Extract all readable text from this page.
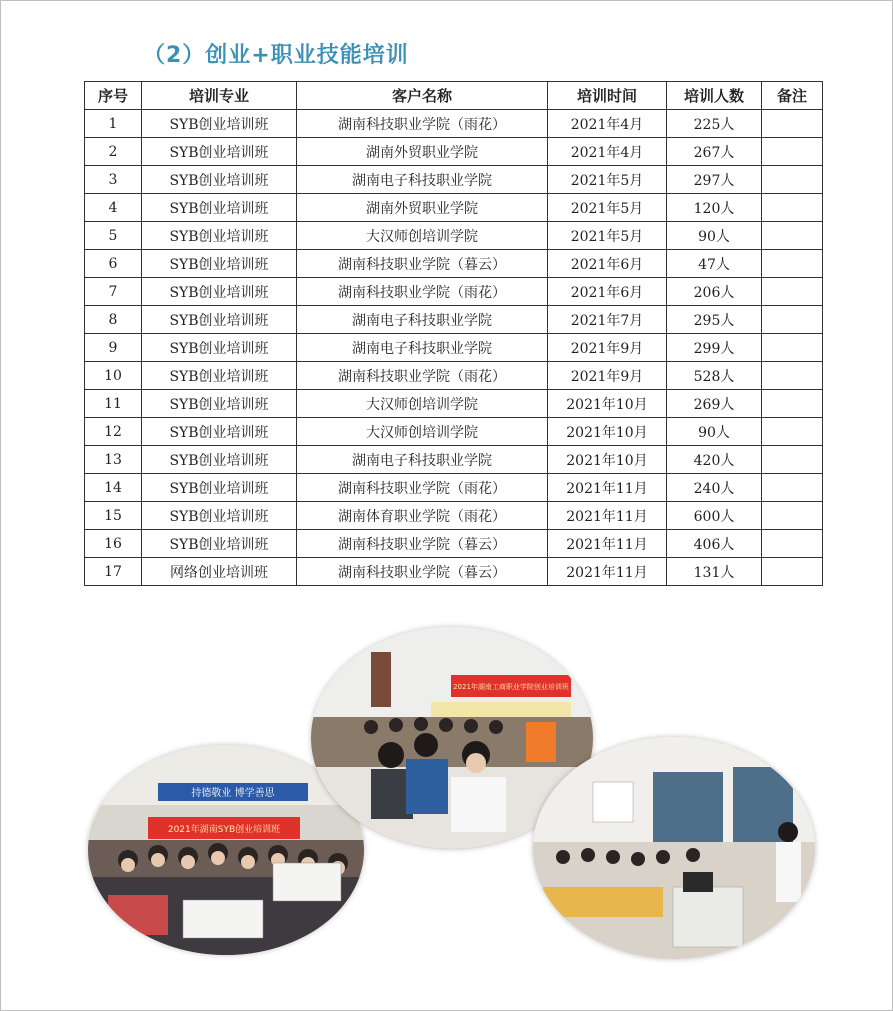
（2）创业+职业技能培训
序号	培训专业	客户名称	培训时间	培训人数	备注
1	SYB创业培训班	湖南科技职业学院（雨花）	2021年4月	225人	
2	SYB创业培训班	湖南外贸职业学院	2021年4月	267人	
3	SYB创业培训班	湖南电子科技职业学院	2021年5月	297人	
4	SYB创业培训班	湖南外贸职业学院	2021年5月	120人	
5	SYB创业培训班	大汉师创培训学院	2021年5月	90人	
6	SYB创业培训班	湖南科技职业学院（暮云）	2021年6月	47人	
7	SYB创业培训班	湖南科技职业学院（雨花）	2021年6月	206人	
8	SYB创业培训班	湖南电子科技职业学院	2021年7月	295人	
9	SYB创业培训班	湖南电子科技职业学院	2021年9月	299人	
10	SYB创业培训班	湖南科技职业学院（雨花）	2021年9月	528人	
11	SYB创业培训班	大汉师创培训学院	2021年10月	269人	
12	SYB创业培训班	大汉师创培训学院	2021年10月	90人	
13	SYB创业培训班	湖南电子科技职业学院	2021年10月	420人	
14	SYB创业培训班	湖南科技职业学院（雨花）	2021年11月	240人	
15	SYB创业培训班	湖南体育职业学院（雨花）	2021年11月	600人	
16	SYB创业培训班	湖南科技职业学院（暮云）	2021年11月	406人	
17	网络创业培训班	湖南科技职业学院（暮云）	2021年11月	131人	
持德敬业 博学善思
2021年湖南SYB创业培训班
2021年湖南工商职业学院创业培训班
